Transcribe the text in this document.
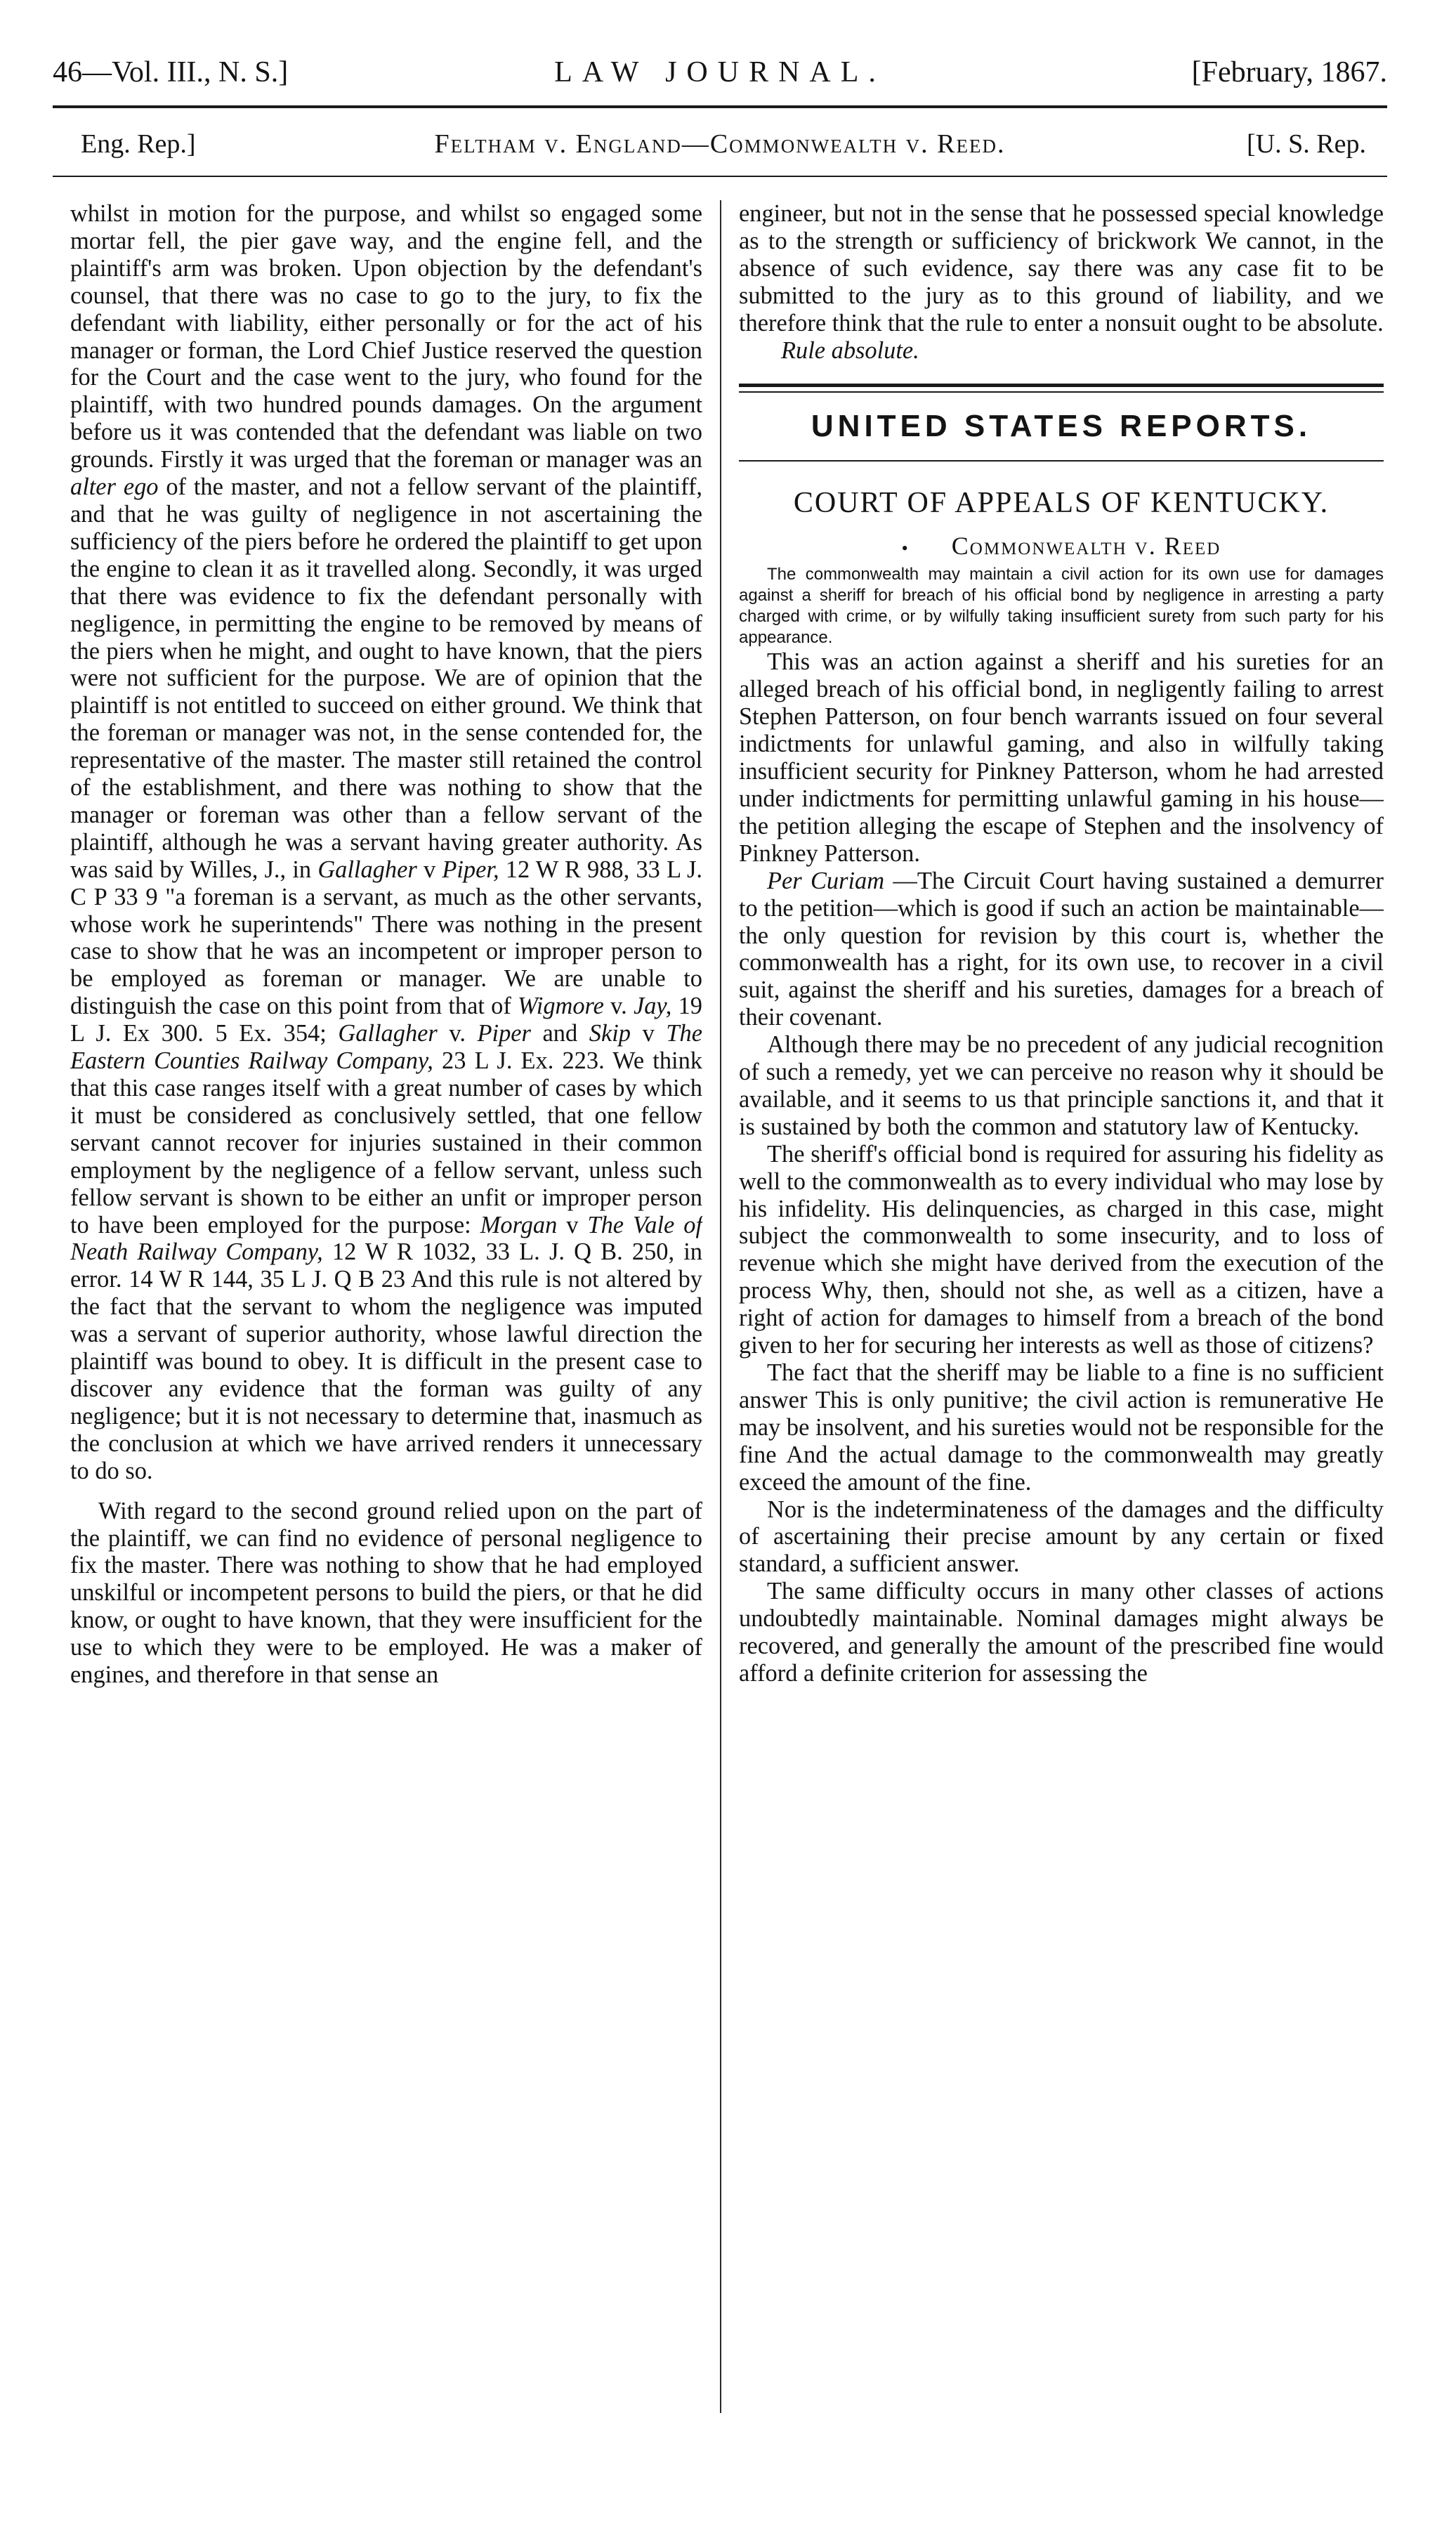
46—Vol. III., N. S.]	LAW JOURNAL.	[February, 1867.
Eng. Rep.]	Feltham v. England—Commonwealth v. Reed.	[U. S. Rep.

whilst in motion for the purpose, and whilst so engaged some mortar fell, the pier gave way, and the engine fell, and the plaintiff's arm was broken. Upon objection by the defendant's counsel, that there was no case to go to the jury, to fix the defendant with liability, either personally or for the act of his manager or forman, the Lord Chief Justice reserved the question for the Court and the case went to the jury, who found for the plaintiff, with two hundred pounds damages. On the argument before us it was contended that the defendant was liable on two grounds. Firstly it was urged that the foreman or manager was an alter ego of the master, and not a fellow servant of the plaintiff, and that he was guilty of negligence in not ascertaining the sufficiency of the piers before he ordered the plaintiff to get upon the engine to clean it as it travelled along. Secondly, it was urged that there was evidence to fix the defendant personally with negligence, in permitting the engine to be removed by means of the piers when he might, and ought to have known, that the piers were not sufficient for the purpose. We are of opinion that the plaintiff is not entitled to succeed on either ground. We think that the foreman or manager was not, in the sense contended for, the representative of the master. The master still retained the control of the establishment, and there was nothing to show that the manager or foreman was other than a fellow servant of the plaintiff, although he was a servant having greater authority. As was said by Willes, J., in Gallagher v Piper, 12 W R 988, 33 L J. C P 33 9 "a foreman is a servant, as much as the other servants, whose work he superintends" There was nothing in the present case to show that he was an incompetent or improper person to be employed as foreman or manager. We are unable to distinguish the case on this point from that of Wigmore v. Jay, 19 L J. Ex 300. 5 Ex. 354; Gallagher v. Piper and Skip v The Eastern Counties Railway Company, 23 L J. Ex. 223. We think that this case ranges itself with a great number of cases by which it must be considered as conclusively settled, that one fellow servant cannot recover for injuries sustained in their common employment by the negligence of a fellow servant, unless such fellow servant is shown to be either an unfit or improper person to have been employed for the purpose: Morgan v The Vale of Neath Railway Company, 12 W R 1032, 33 L. J. Q B. 250, in error. 14 W R 144, 35 L J. Q B 23 And this rule is not altered by the fact that the servant to whom the negligence was imputed was a servant of superior authority, whose lawful direction the plaintiff was bound to obey. It is difficult in the present case to discover any evidence that the forman was guilty of any negligence; but it is not necessary to determine that, inasmuch as the conclusion at which we have arrived renders it unnecessary to do so.

With regard to the second ground relied upon on the part of the plaintiff, we can find no evidence of personal negligence to fix the master. There was nothing to show that he had employed unskilful or incompetent persons to build the piers, or that he did know, or ought to have known, that they were insufficient for the use to which they were to be employed. He was a maker of engines, and therefore in that sense an

engineer, but not in the sense that he possessed special knowledge as to the strength or sufficiency of brickwork We cannot, in the absence of such evidence, say there was any case fit to be submitted to the jury as to this ground of liability, and we therefore think that the rule to enter a nonsuit ought to be absolute.

Rule absolute.

UNITED STATES REPORTS.
COURT OF APPEALS OF KENTUCKY.
• Commonwealth v. Reed

The commonwealth may maintain a civil action for its own use for damages against a sheriff for breach of his official bond by negligence in arresting a party charged with crime, or by wilfully taking insufficient surety from such party for his appearance.

This was an action against a sheriff and his sureties for an alleged breach of his official bond, in negligently failing to arrest Stephen Patterson, on four bench warrants issued on four several indictments for unlawful gaming, and also in wilfully taking insufficient security for Pinkney Patterson, whom he had arrested under indictments for permitting unlawful gaming in his house—the petition alleging the escape of Stephen and the insolvency of Pinkney Patterson.

Per Curiam —The Circuit Court having sustained a demurrer to the petition—which is good if such an action be maintainable—the only question for revision by this court is, whether the commonwealth has a right, for its own use, to recover in a civil suit, against the sheriff and his sureties, damages for a breach of their covenant.

Although there may be no precedent of any judicial recognition of such a remedy, yet we can perceive no reason why it should be available, and it seems to us that principle sanctions it, and that it is sustained by both the common and statutory law of Kentucky.

The sheriff's official bond is required for assuring his fidelity as well to the commonwealth as to every individual who may lose by his infidelity. His delinquencies, as charged in this case, might subject the commonwealth to some insecurity, and to loss of revenue which she might have derived from the execution of the process Why, then, should not she, as well as a citizen, have a right of action for damages to himself from a breach of the bond given to her for securing her interests as well as those of citizens?

The fact that the sheriff may be liable to a fine is no sufficient answer This is only punitive; the civil action is remunerative He may be insolvent, and his sureties would not be responsible for the fine And the actual damage to the commonwealth may greatly exceed the amount of the fine.

Nor is the indeterminateness of the damages and the difficulty of ascertaining their precise amount by any certain or fixed standard, a sufficient answer.

The same difficulty occurs in many other classes of actions undoubtedly maintainable. Nominal damages might always be recovered, and generally the amount of the prescribed fine would afford a definite criterion for assessing the
